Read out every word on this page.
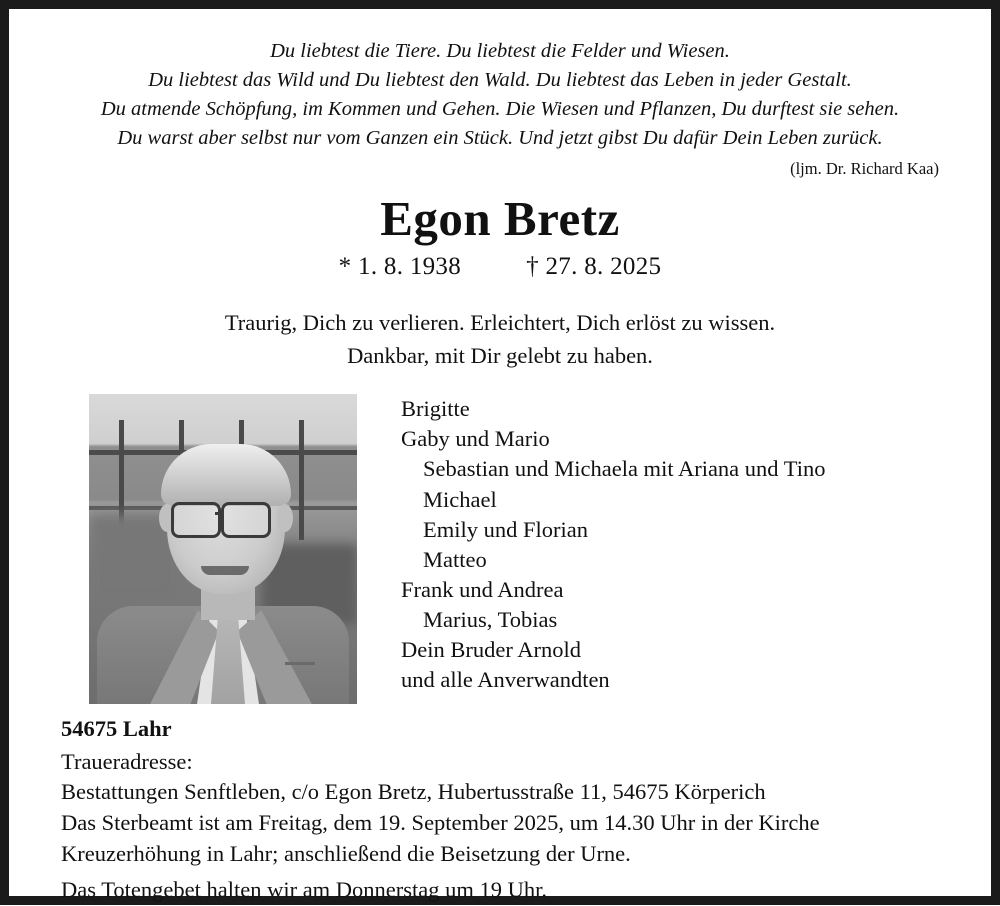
Du liebtest die Tiere. Du liebtest die Felder und Wiesen.
Du liebtest das Wild und Du liebtest den Wald. Du liebtest das Leben in jeder Gestalt.
Du atmende Schöpfung, im Kommen und Gehen. Die Wiesen und Pflanzen, Du durftest sie sehen.
Du warst aber selbst nur vom Ganzen ein Stück. Und jetzt gibst Du dafür Dein Leben zurück.
(ljm. Dr. Richard Kaa)
Egon Bretz
* 1. 8. 1938	† 27. 8. 2025
Traurig, Dich zu verlieren. Erleichtert, Dich erlöst zu wissen.
Dankbar, mit Dir gelebt zu haben.
Brigitte
Gaby und Mario
Sebastian und Michaela mit Ariana und Tino
Michael
Emily und Florian
Matteo
Frank und Andrea
Marius, Tobias
Dein Bruder Arnold
und alle Anverwandten
54675 Lahr
Traueradresse:
Bestattungen Senftleben, c/o Egon Bretz, Hubertusstraße 11, 54675 Körperich
Das Sterbeamt ist am Freitag, dem 19. September 2025, um 14.30 Uhr in der Kirche
Kreuzerhöhung in Lahr; anschließend die Beisetzung der Urne.
Das Totengebet halten wir am Donnerstag um 19 Uhr.
